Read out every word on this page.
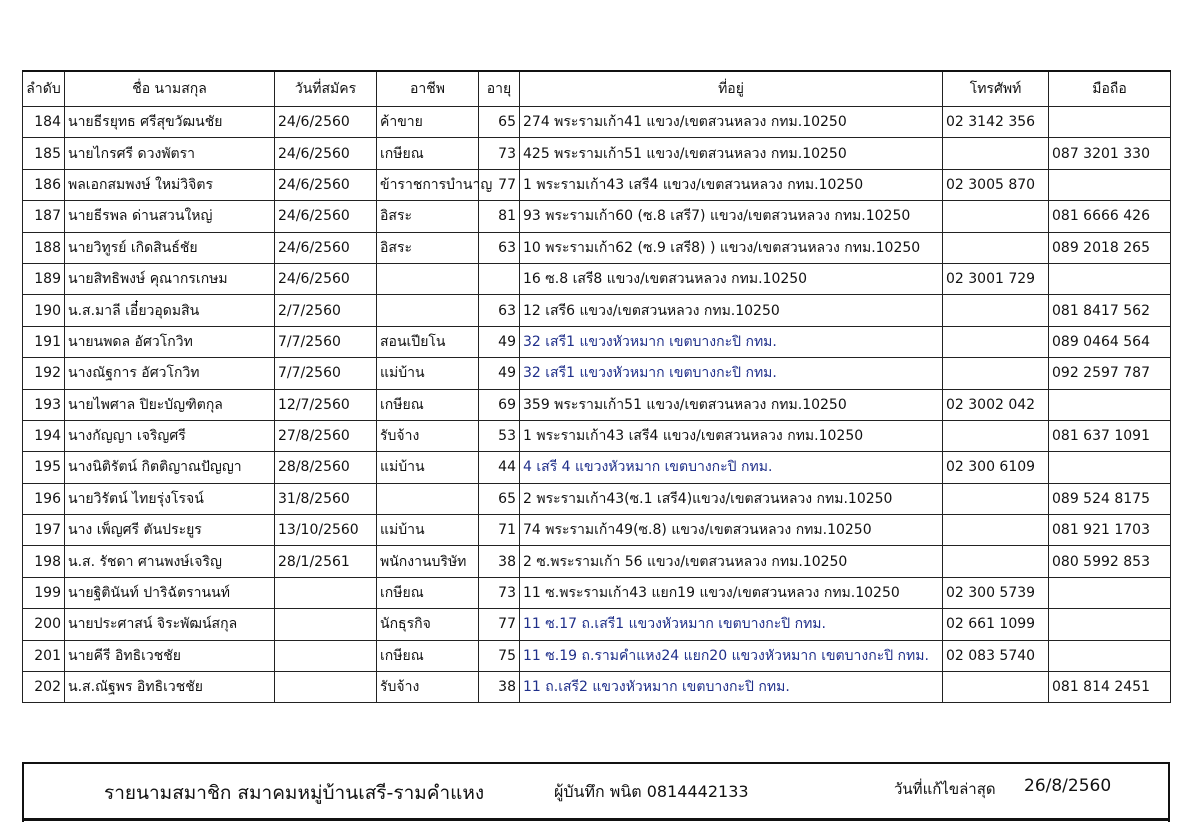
ลำดับ	ชื่อ นามสกุล	วันที่สมัคร	อาชีพ	อายุ	ที่อยู่	โทรศัพท์	มือถือ
184	นายธีรยุทธ ศรีสุขวัฒนชัย	24/6/2560	ค้าขาย	65	274 พระรามเก้า41 แขวง/เขตสวนหลวง กทม.10250	02 3142 356	
185	นายไกรศรี ดวงพัตรา	24/6/2560	เกษียณ	73	425 พระรามเก้า51 แขวง/เขตสวนหลวง กทม.10250		087 3201 330
186	พลเอกสมพงษ์ ใหม่วิจิตร	24/6/2560	ข้าราชการบำนาญ	77	1 พระรามเก้า43 เสรี4 แขวง/เขตสวนหลวง กทม.10250	02 3005 870	
187	นายธีรพล ด่านสวนใหญ่	24/6/2560	อิสระ	81	93 พระรามเก้า60 (ซ.8 เสรี7) แขวง/เขตสวนหลวง กทม.10250		081 6666 426
188	นายวิทูรย์ เกิดสินธ์ชัย	24/6/2560	อิสระ	63	10 พระรามเก้า62 (ซ.9 เสรี8) ) แขวง/เขตสวนหลวง กทม.10250		089 2018 265
189	นายสิทธิพงษ์ คุณากรเกษม	24/6/2560			16 ซ.8 เสรี8 แขวง/เขตสวนหลวง กทม.10250	02 3001 729	
190	น.ส.มาลี เอี๋ยวอุดมสิน	2/7/2560		63	12 เสรี6 แขวง/เขตสวนหลวง กทม.10250		081 8417 562
191	นายนพดล อัศวโกวิท	7/7/2560	สอนเปียโน	49	32 เสรี1 แขวงหัวหมาก เขตบางกะปิ กทม.		089 0464 564
192	นางณัฐการ อัศวโกวิท	7/7/2560	แม่บ้าน	49	32 เสรี1 แขวงหัวหมาก เขตบางกะปิ กทม.		092 2597 787
193	นายไพศาล ปิยะบัญฑิตกุล	12/7/2560	เกษียณ	69	359 พระรามเก้า51 แขวง/เขตสวนหลวง กทม.10250	02 3002 042	
194	นางกัญญา เจริญศรี	27/8/2560	รับจ้าง	53	1 พระรามเก้า43 เสรี4 แขวง/เขตสวนหลวง กทม.10250		081 637 1091
195	นางนิติรัตน์ กิตติญาณปัญญา	28/8/2560	แม่บ้าน	44	4 เสรี 4 แขวงหัวหมาก เขตบางกะปิ กทม.	02 300 6109	
196	นายวิรัตน์ ไทยรุ่งโรจน์	31/8/2560		65	2 พระรามเก้า43(ซ.1 เสรี4)แขวง/เขตสวนหลวง กทม.10250		089 524 8175
197	นาง เพ็ญศรี ตันประยูร	13/10/2560	แม่บ้าน	71	74 พระรามเก้า49(ซ.8) แขวง/เขตสวนหลวง กทม.10250		081 921 1703
198	น.ส. รัชดา ศานพงษ์เจริญ	28/1/2561	พนักงานบริษัท	38	2 ซ.พระรามเก้า 56 แขวง/เขตสวนหลวง กทม.10250		080 5992 853
199	นายฐิตินันท์ ปาริฉัตรานนท์		เกษียณ	73	11 ซ.พระรามเก้า43 แยก19 แขวง/เขตสวนหลวง กทม.10250	02 300 5739	
200	นายประศาสน์ จิระพัฒน์สกุล		นักธุรกิจ	77	11 ซ.17 ถ.เสรี1 แขวงหัวหมาก เขตบางกะปิ กทม.	02 661 1099	
201	นายคีรี อิทธิเวชชัย		เกษียณ	75	11 ซ.19 ถ.รามคำแหง24 แยก20 แขวงหัวหมาก เขตบางกะปิ กทม.	02 083 5740	
202	น.ส.ณัฐพร อิทธิเวชชัย		รับจ้าง	38	11 ถ.เสรี2 แขวงหัวหมาก เขตบางกะปิ กทม.		081 814 2451
รายนามสมาชิก สมาคมหมู่บ้านเสรี-รามคำแหง	ผู้บันทึก พนิต 0814442133	วันที่แก้ไขล่าสุด 26/8/2560
